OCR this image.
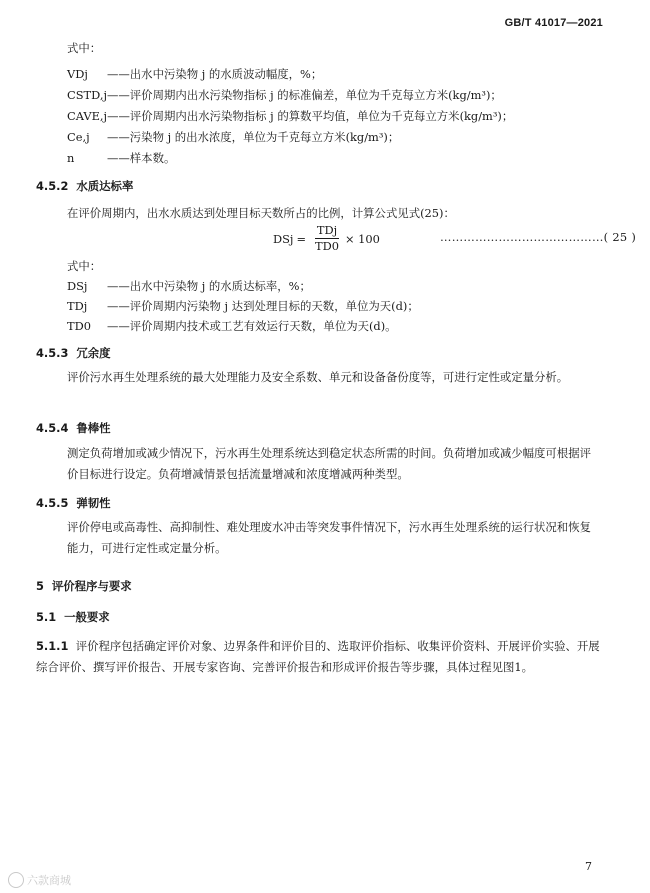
GB/T 41017—2021
式中：
VDj ——出水中污染物 j 的水质波动幅度，%；
CSTD,j——评价周期内出水污染物指标 j 的标准偏差，单位为千克每立方米(kg/m³)；
CAVE,j——评价周期内出水污染物指标 j 的算数平均值，单位为千克每立方米(kg/m³)；
Ce,j ——污染物 j 的出水浓度，单位为千克每立方米(kg/m³)；
n	——样本数。
4.5.2 水质达标率
在评价周期内，出水水质达到处理目标天数所占的比例，计算公式见式(25)：
DSj = $\frac{\text{TDj}}{TD0} \times 100$	……………………………………( 25 )
式中：
DSj ——出水中污染物 j 的水质达标率，%；
TDj ——评价周期内污染物 j 达到处理目标的天数，单位为天(d)；
TD0 ——评价周期内技术或工艺有效运行天数，单位为天(d)。
4.5.3 冗余度
评价污水再生处理系统的最大处理能力及安全系数、单元和设备备份度等，可进行定性或定量分析。
4.5.4 鲁棒性
测定负荷增加或减少情况下，污水再生处理系统达到稳定状态所需的时间。负荷增加或减少幅度可根据评价目标进行设定。负荷增减情景包括流量增减和浓度增减两种类型。
4.5.5 弹韧性
评价停电或高毒性、高抑制性、难处理废水冲击等突发事件情况下，污水再生处理系统的运行状况和恢复能力，可进行定性或定量分析。
5 评价程序与要求
5.1 一般要求
5.1.1 评价程序包括确定评价对象、边界条件和评价目的、选取评价指标、收集评价资料、开展评价实验、开展综合评价、撰写评价报告、开展专家咨询、完善评价报告和形成评价报告等步骤，具体过程见图1。
7
六款商城
